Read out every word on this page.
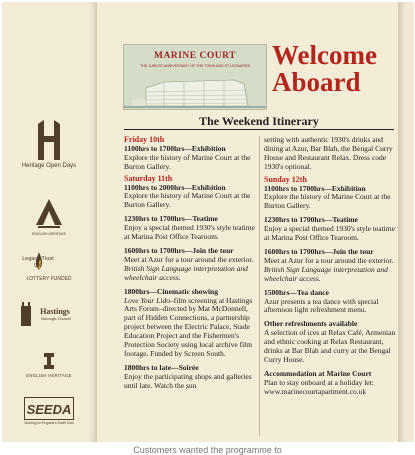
Heritage Open Days
ENGLISH HERITAGE
Legacy Trust UK
LOTTERY FUNDED
Hastings
Borough Council
ENGLISH HERITAGE
SEEDA
Working for England's South East
MARINE COURT
THE JUBILEE ANNIVERSARY OF THE TOWN AND ST LEONARDS Welcome Aboard
The Weekend Itinerary
Friday 10th
1100hrs to 1700hrs—Exhibition
Explore the history of Marine Court at the Burton Gallery.
Saturday 11th
1100hrs to 2000hrs—Exhibition
Explore the history of Marine Court at the Burton Gallery.
1230hrs to 1700hrs—Teatime
Enjoy a special themed 1930's style teatime at Marina Post Office Tearoom.
1600hrs to 1700hrs—Join the tour
Meet at Azur for a tour around the exterior. British Sign Language interpretation and wheelchair access.
1800hrs—Cinematic showing
Love Your Lido–film screening at Hastings Arts Forum–directed by Mat McDonnell, part of Hidden Connections, a partnership project between the Electric Palace, Stade Education Project and the Fishermen's Protection Society using local archive film footage. Funded by Screen South.
1800hrs to late—Soirée
Enjoy the participating shops and galleries until late. Watch the sun
setting with authentic 1930's drinks and dining at Azur, Bar Blah, the Bengal Curry House and Restaurant Relax. Dress code 1930's optional.
Sunday 12th
1100hrs to 1700hrs—Exhibition
Explore the history of Marine Court at the Burton Gallery.
1230hrs to 1700hrs—Teatime
Enjoy a special themed 1930's style teatime at Marina Post Office Tearoom.
1600hrs to 1700hrs—Join the tour
Meet at Azur for a tour around the exterior. British Sign Language interpretation and wheelchair access.
1500hrs—Tea dance
Azur presents a tea dance with special afternoon light refreshment menu.
Other refreshments available
A selection of ices at Relax Café, Armenian and ethnic cooking at Relax Restaurant, drinks at Bar Blah and curry at the Bengal Curry House.
Accommodation at Marine Court
Plan to stay onboard at a holiday let:
www.marinecourtapartment.co.uk
Customers wanted the programme to
